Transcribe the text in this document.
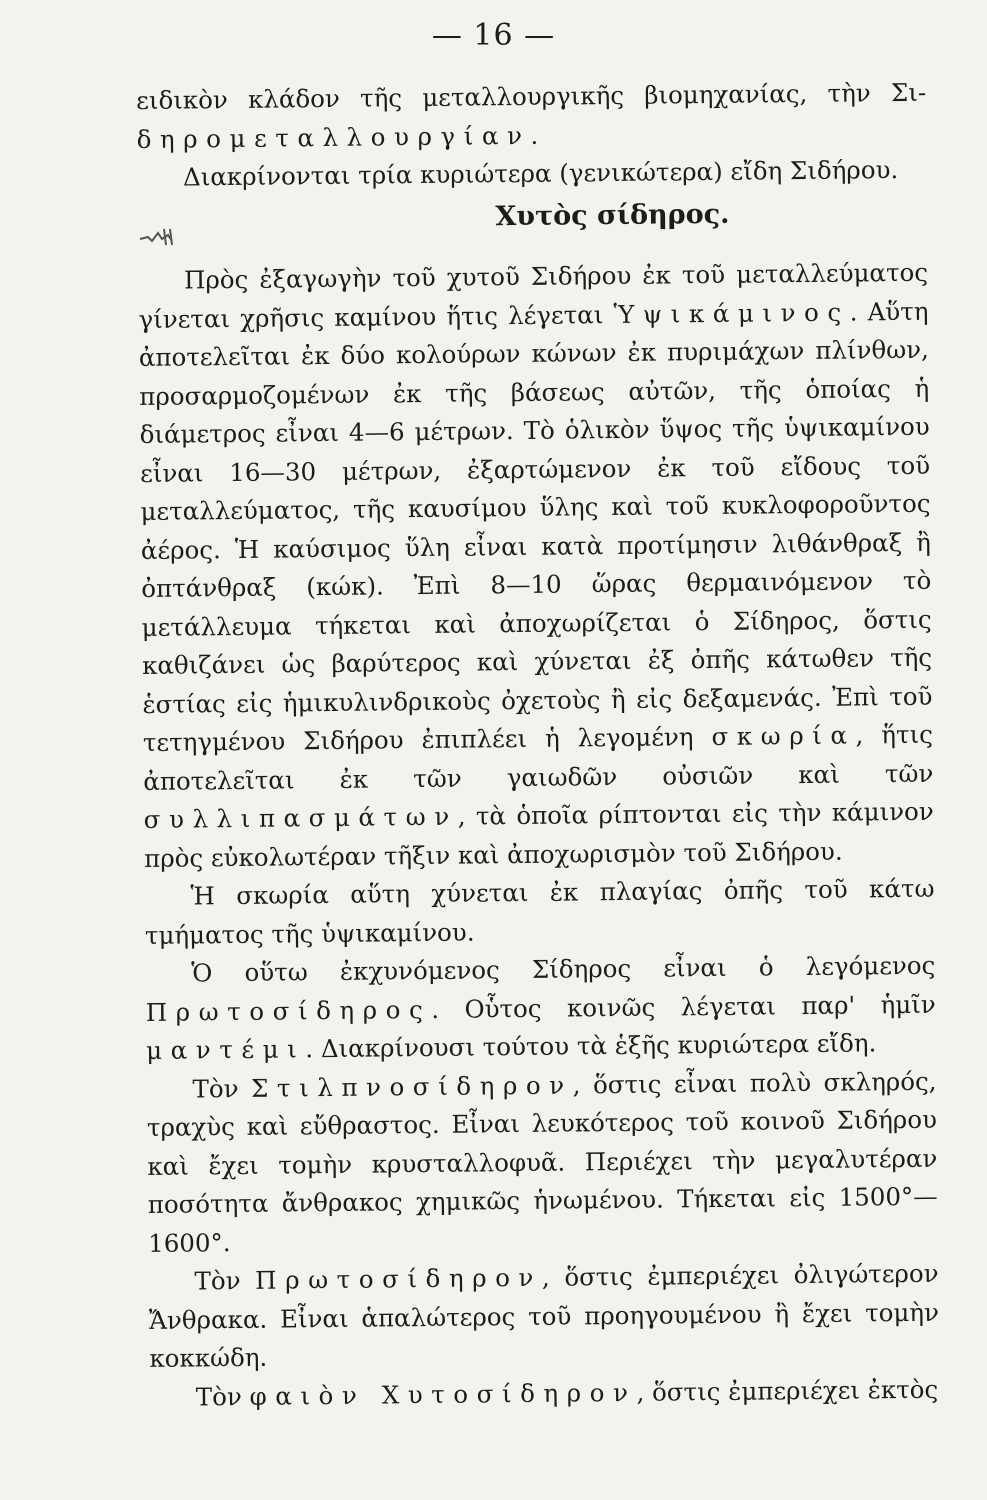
— 16 —

ειδικὸν κλάδον τῆς μεταλλουργικῆς βιομηχανίας, τὴν Σι- δηρομεταλλουργίαν.

Διακρίνονται τρία κυριώτερα (γενικώτερα) εἴδη Σιδήρου.

Χυτὸς σίδηρος.

Πρὸς ἐξαγωγὴν τοῦ χυτοῦ Σιδήρου ἐκ τοῦ μεταλλεύματος γίνεται χρῆσις καμίνου ἥτις λέγεται Ὑψικάμινος. Αὕτη ἀποτελεῖται ἐκ δύο κολούρων κώνων ἐκ πυριμάχων πλίνθων, προσαρμοζομένων ἐκ τῆς βάσεως αὐτῶν, τῆς ὁποίας ἡ διάμετρος εἶναι 4—6 μέτρων. Τὸ ὁλικὸν ὕψος τῆς ὑψικαμίνου εἶναι 16—30 μέτρων, ἐξαρτώμενον ἐκ τοῦ εἴδους τοῦ μεταλλεύματος, τῆς καυσίμου ὕλης καὶ τοῦ κυκλοφοροῦντος ἀέρος. Ἡ καύσιμος ὕλη εἶναι κατὰ προτίμησιν λιθάνθραξ ἢ ὀπτάνθραξ (κώκ). Ἐπὶ 8—10 ὥρας θερμαινόμενον τὸ μετάλλευμα τήκεται καὶ ἀποχωρίζεται ὁ Σίδηρος, ὅστις καθιζάνει ὡς βαρύτερος καὶ χύνεται ἐξ ὀπῆς κάτωθεν τῆς ἑστίας εἰς ἡμικυλινδρικοὺς ὀχετοὺς ἢ εἰς δεξαμενάς. Ἐπὶ τοῦ τετηγμένου Σιδήρου ἐπιπλέει ἡ λεγομένη σκωρία, ἥτις ἀποτελεῖται ἐκ τῶν γαιωδῶν οὐσιῶν καὶ τῶν συλλιπασμάτων, τὰ ὁποῖα ρίπτονται εἰς τὴν κάμινον πρὸς εὐκολωτέραν τῆξιν καὶ ἀποχωρισμὸν τοῦ Σιδήρου.

Ἡ σκωρία αὕτη χύνεται ἐκ πλαγίας ὀπῆς τοῦ κάτω τμήματος τῆς ὑψικαμίνου.

Ὁ οὕτω ἐκχυνόμενος Σίδηρος εἶναι ὁ λεγόμενος Πρωτοσίδηρος. Οὗτος κοινῶς λέγεται παρ' ἡμῖν μαντέμι. Διακρίνουσι τούτου τὰ ἑξῆς κυριώτερα εἴδη.

Τὸν Στιλπνοσίδηρον, ὅστις εἶναι πολὺ σκληρός, τραχὺς καὶ εὔθραστος. Εἶναι λευκότερος τοῦ κοινοῦ Σιδήρου καὶ ἔχει τομὴν κρυσταλλοφυᾶ. Περιέχει τὴν μεγαλυτέραν ποσότητα ἄνθρακος χημικῶς ἡνωμένου. Τήκεται εἰς 1500°—1600°.

Τὸν Πρωτοσίδηρον, ὅστις ἐμπεριέχει ὀλιγώτερον Ἄνθρακα. Εἶναι ἁπαλώτερος τοῦ προηγουμένου ἢ ἔχει τομὴν κοκκώδη.

Τὸν φαιὸν Χυτοσίδηρον, ὅστις ἐμπεριέχει ἐκτὸς
